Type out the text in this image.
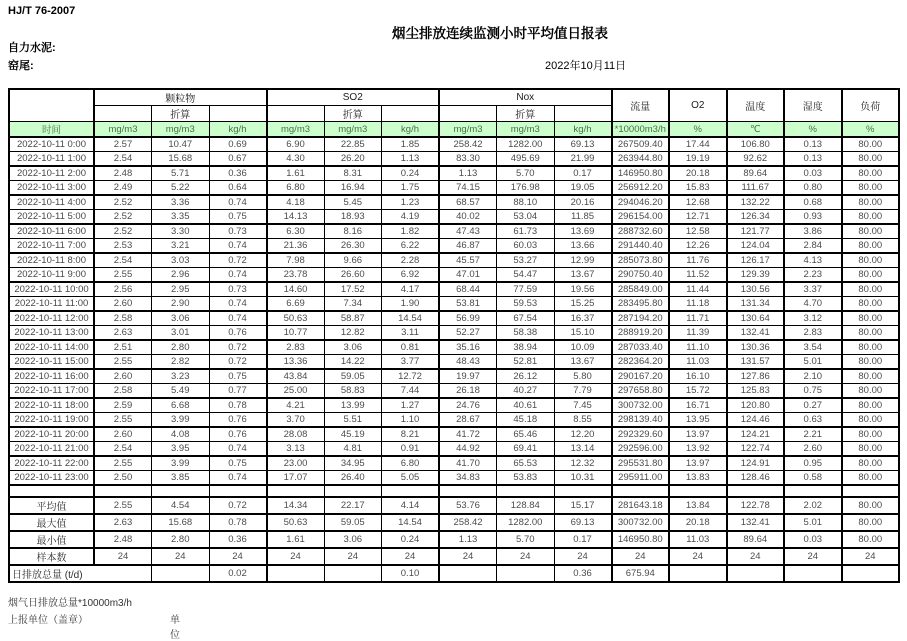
HJ/T 76-2007
烟尘排放连续监测小时平均值日报表
自力水泥:
窑尾:	2022年10月11日
	颗粒物			SO2			Nox			流量	O2	温度	湿度	负荷
		折算			折算			折算						
时间	mg/m3	mg/m3	kg/h	mg/m3	mg/m3	kg/h	mg/m3	mg/m3	kg/h	*10000m3/h	%	℃	%	%
2022-10-11 0:00	2.57	10.47	0.69	6.90	22.85	1.85	258.42	1282.00	69.13	267509.40	17.44	106.80	0.13	80.00
2022-10-11 1:00	2.54	15.68	0.67	4.30	26.20	1.13	83.30	495.69	21.99	263944.80	19.19	92.62	0.13	80.00
2022-10-11 2:00	2.48	5.71	0.36	1.61	8.31	0.24	1.13	5.70	0.17	146950.80	20.18	89.64	0.03	80.00
2022-10-11 3:00	2.49	5.22	0.64	6.80	16.94	1.75	74.15	176.98	19.05	256912.20	15.83	111.67	0.80	80.00
2022-10-11 4:00	2.52	3.36	0.74	4.18	5.45	1.23	68.57	88.10	20.16	294046.20	12.68	132.22	0.68	80.00
2022-10-11 5:00	2.52	3.35	0.75	14.13	18.93	4.19	40.02	53.04	11.85	296154.00	12.71	126.34	0.93	80.00
2022-10-11 6:00	2.52	3.30	0.73	6.30	8.16	1.82	47.43	61.73	13.69	288732.60	12.58	121.77	3.86	80.00
2022-10-11 7:00	2.53	3.21	0.74	21.36	26.30	6.22	46.87	60.03	13.66	291440.40	12.26	124.04	2.84	80.00
2022-10-11 8:00	2.54	3.03	0.72	7.98	9.66	2.28	45.57	53.27	12.99	285073.80	11.76	126.17	4.13	80.00
2022-10-11 9:00	2.55	2.96	0.74	23.78	26.60	6.92	47.01	54.47	13.67	290750.40	11.52	129.39	2.23	80.00
2022-10-11 10:00	2.56	2.95	0.73	14.60	17.52	4.17	68.44	77.59	19.56	285849.00	11.44	130.56	3.37	80.00
2022-10-11 11:00	2.60	2.90	0.74	6.69	7.34	1.90	53.81	59.53	15.25	283495.80	11.18	131.34	4.70	80.00
2022-10-11 12:00	2.58	3.06	0.74	50.63	58.87	14.54	56.99	67.54	16.37	287194.20	11.71	130.64	3.12	80.00
2022-10-11 13:00	2.63	3.01	0.76	10.77	12.82	3.11	52.27	58.38	15.10	288919.20	11.39	132.41	2.83	80.00
2022-10-11 14:00	2.51	2.80	0.72	2.83	3.06	0.81	35.16	38.94	10.09	287033.40	11.10	130.36	3.54	80.00
2022-10-11 15:00	2.55	2.82	0.72	13.36	14.22	3.77	48.43	52.81	13.67	282364.20	11.03	131.57	5.01	80.00
2022-10-11 16:00	2.60	3.23	0.75	43.84	59.05	12.72	19.97	26.12	5.80	290167.20	16.10	127.86	2.10	80.00
2022-10-11 17:00	2.58	5.49	0.77	25.00	58.83	7.44	26.18	40.27	7.79	297658.80	15.72	125.83	0.75	80.00
2022-10-11 18:00	2.59	6.68	0.78	4.21	13.99	1.27	24.76	40.61	7.45	300732.00	16.71	120.80	0.27	80.00
2022-10-11 19:00	2.55	3.99	0.76	3.70	5.51	1.10	28.67	45.18	8.55	298139.40	13.95	124.46	0.63	80.00
2022-10-11 20:00	2.60	4.08	0.76	28.08	45.19	8.21	41.72	65.46	12.20	292329.60	13.97	124.21	2.21	80.00
2022-10-11 21:00	2.54	3.95	0.74	3.13	4.81	0.91	44.92	69.41	13.14	292596.00	13.92	122.74	2.60	80.00
2022-10-11 22:00	2.55	3.99	0.75	23.00	34.95	6.80	41.70	65.53	12.32	295531.80	13.97	124.91	0.95	80.00
2022-10-11 23:00	2.50	3.85	0.74	17.07	26.40	5.05	34.83	53.83	10.31	295911.00	13.83	128.46	0.58	80.00

平均值	2.55	4.54	0.72	14.34	22.17	4.14	53.76	128.84	15.17	281643.18	13.84	122.78	2.02	80.00
最大值	2.63	15.68	0.78	50.63	59.05	14.54	258.42	1282.00	69.13	300732.00	20.18	132.41	5.01	80.00
最小值	2.48	2.80	0.36	1.61	3.06	0.24	1.13	5.70	0.17	146950.80	11.03	89.64	0.03	80.00
样本数	24	24	24	24	24	24	24	24	24	24	24	24	24	24
日排放总量 (t/d)			0.02			0.10			0.36	675.94				
烟气日排放总量*10000m3/h
上报单位（盖章）	单位
